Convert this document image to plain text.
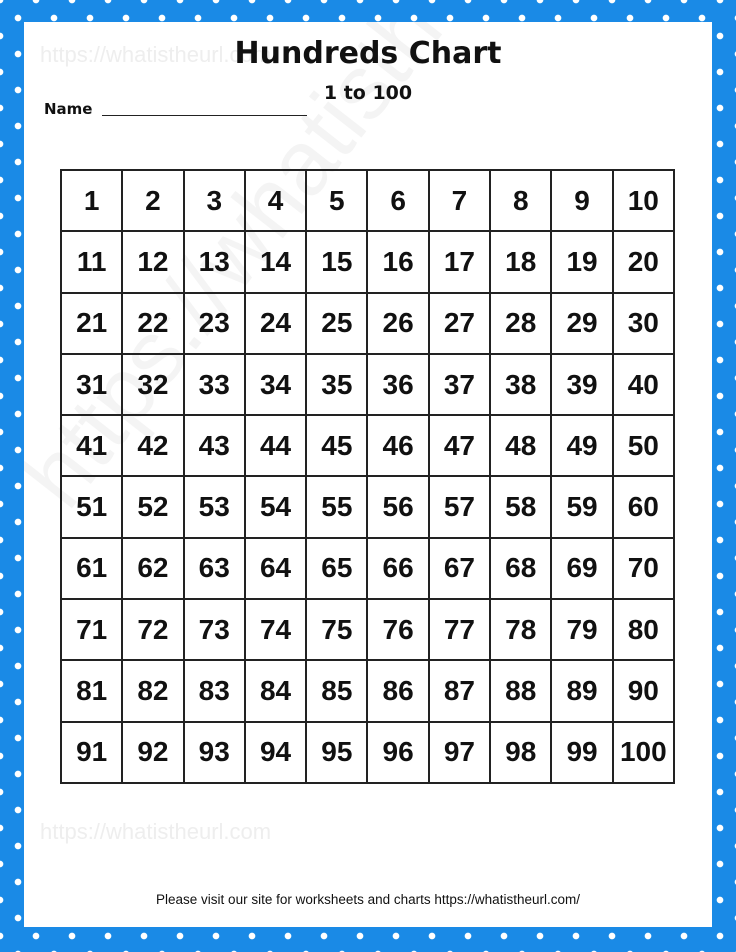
https://whatistheurl.com
https://whatistheurl.com
Hundreds Chart
1 to 100
Name
1	2	3	4	5	6	7	8	9	10
11	12	13	14	15	16	17	18	19	20
21	22	23	24	25	26	27	28	29	30
31	32	33	34	35	36	37	38	39	40
41	42	43	44	45	46	47	48	49	50
51	52	53	54	55	56	57	58	59	60
61	62	63	64	65	66	67	68	69	70
71	72	73	74	75	76	77	78	79	80
81	82	83	84	85	86	87	88	89	90
91	92	93	94	95	96	97	98	99 100
Please visit our site for worksheets and charts https://whatistheurl.com/
